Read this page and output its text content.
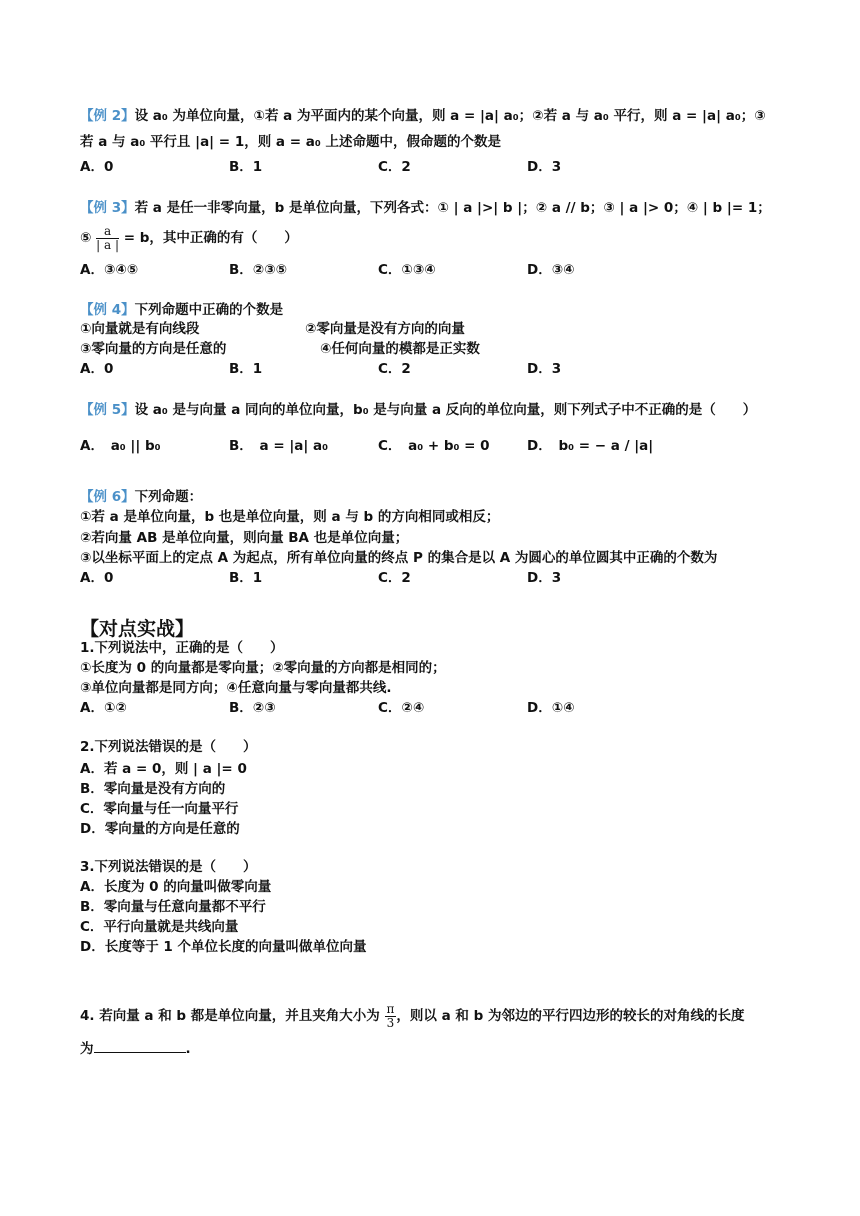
【例 2】设 a₀ 为单位向量，①若 a 为平面内的某个向量，则 a = |a| a₀；②若 a 与 a₀ 平行，则 a = |a| a₀；③
若 a 与 a₀ 平行且 |a| = 1，则 a = a₀ 上述命题中，假命题的个数是
A．0	B．1	C．2	D．3
【例 3】若 a 是任一非零向量，b 是单位向量，下列各式：① | a |>| b |；② a // b；③ | a |> 0；④ | b |= 1；
⑤ $\frac{a}{| a |} = b$，其中正确的有（　　）
A．③④⑤	B．②③⑤	C．①③④	D．③④
【例 4】下列命题中正确的个数是
①向量就是有向线段	②零向量是没有方向的向量
③零向量的方向是任意的	④任何向量的模都是正实数
A．0	B．1	C．2	D．3
【例 5】设 a₀ 是与向量 a 同向的单位向量，b₀ 是与向量 a 反向的单位向量，则下列式子中不正确的是（　　）
A．　a₀ || b₀	B．　a = |a| a₀	C．　a₀ + b₀ = 0	D．　b₀ = − a / |a|
【例 6】下列命题：
①若 a 是单位向量，b 也是单位向量，则 a 与 b 的方向相同或相反；
②若向量 AB 是单位向量，则向量 BA 也是单位向量；
③以坐标平面上的定点 A 为起点，所有单位向量的终点 P 的集合是以 A 为圆心的单位圆其中正确的个数为
A．0	B．1	C．2	D．3
【对点实战】
1.下列说法中，正确的是（　　）
①长度为 0 的向量都是零向量；②零向量的方向都是相同的；
③单位向量都是同方向；④任意向量与零向量都共线.
A．①②	B．②③	C．②④	D．①④
2.下列说法错误的是（　　）
A．若 a = 0，则 | a |= 0
B．零向量是没有方向的
C．零向量与任一向量平行
D．零向量的方向是任意的
3.下列说法错误的是（　　）
A．长度为 0 的向量叫做零向量
B．零向量与任意向量都不平行
C．平行向量就是共线向量
D．长度等于 1 个单位长度的向量叫做单位向量
4. 若向量 a 和 b 都是单位向量，并且夹角大小为 $\frac{\pi}{3}$ ，则以 a 和 b 为邻边的平行四边形的较长的对角线的长度
为	.
